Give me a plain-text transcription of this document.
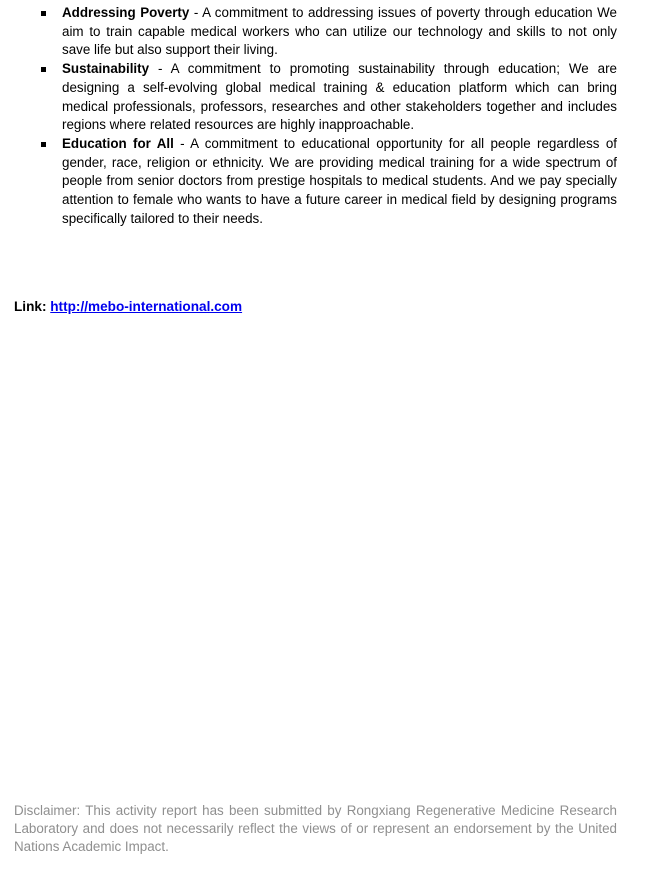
Addressing Poverty - A commitment to addressing issues of poverty through education We aim to train capable medical workers who can utilize our technology and skills to not only save life but also support their living.
Sustainability - A commitment to promoting sustainability through education; We are designing a self-evolving global medical training & education platform which can bring medical professionals, professors, researches and other stakeholders together and includes regions where related resources are highly inapproachable.
Education for All - A commitment to educational opportunity for all people regardless of gender, race, religion or ethnicity. We are providing medical training for a wide spectrum of people from senior doctors from prestige hospitals to medical students. And we pay specially attention to female who wants to have a future career in medical field by designing programs specifically tailored to their needs.
Link: http://mebo-international.com

Disclaimer: This activity report has been submitted by Rongxiang Regenerative Medicine Research Laboratory and does not necessarily reflect the views of or represent an endorsement by the United Nations Academic Impact.
